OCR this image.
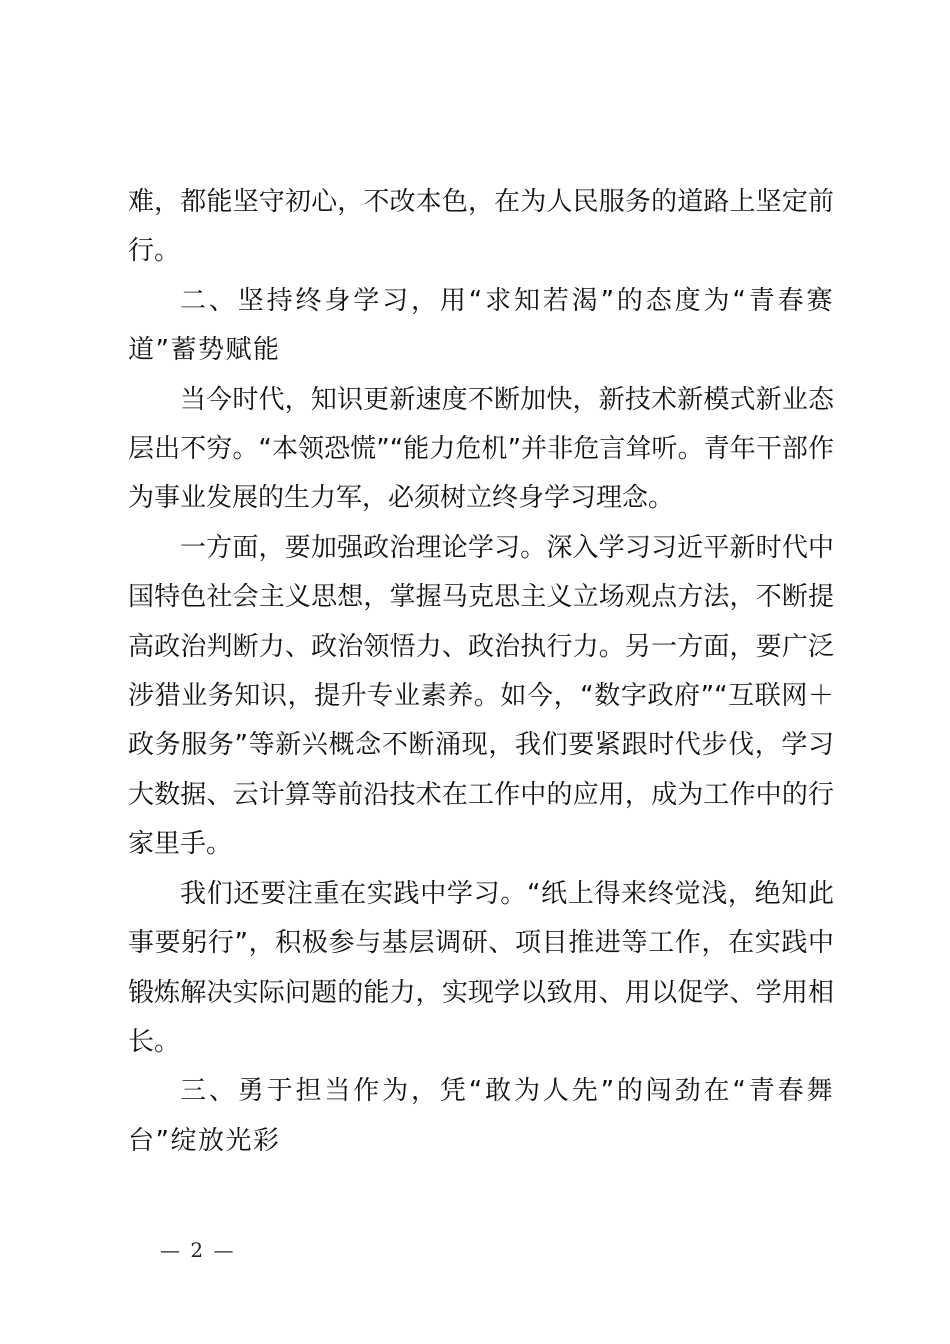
难，都能坚守初心，不改本色，在为人民服务的道路上坚定前行。

二、坚持终身学习，用“求知若渴”的态度为“青春赛道”蓄势赋能

当今时代，知识更新速度不断加快，新技术新模式新业态层出不穷。“本领恐慌”“能力危机”并非危言耸听。青年干部作为事业发展的生力军，必须树立终身学习理念。

一方面，要加强政治理论学习。深入学习习近平新时代中国特色社会主义思想，掌握马克思主义立场观点方法，不断提高政治判断力、政治领悟力、政治执行力。另一方面，要广泛涉猎业务知识，提升专业素养。如今，“数字政府”“互联网＋政务服务”等新兴概念不断涌现，我们要紧跟时代步伐，学习大数据、云计算等前沿技术在工作中的应用，成为工作中的行家里手。

我们还要注重在实践中学习。“纸上得来终觉浅，绝知此事要躬行”，积极参与基层调研、项目推进等工作，在实践中锻炼解决实际问题的能力，实现学以致用、用以促学、学用相长。

三、勇于担当作为，凭“敢为人先”的闯劲在“青春舞台”绽放光彩

— 2 —
